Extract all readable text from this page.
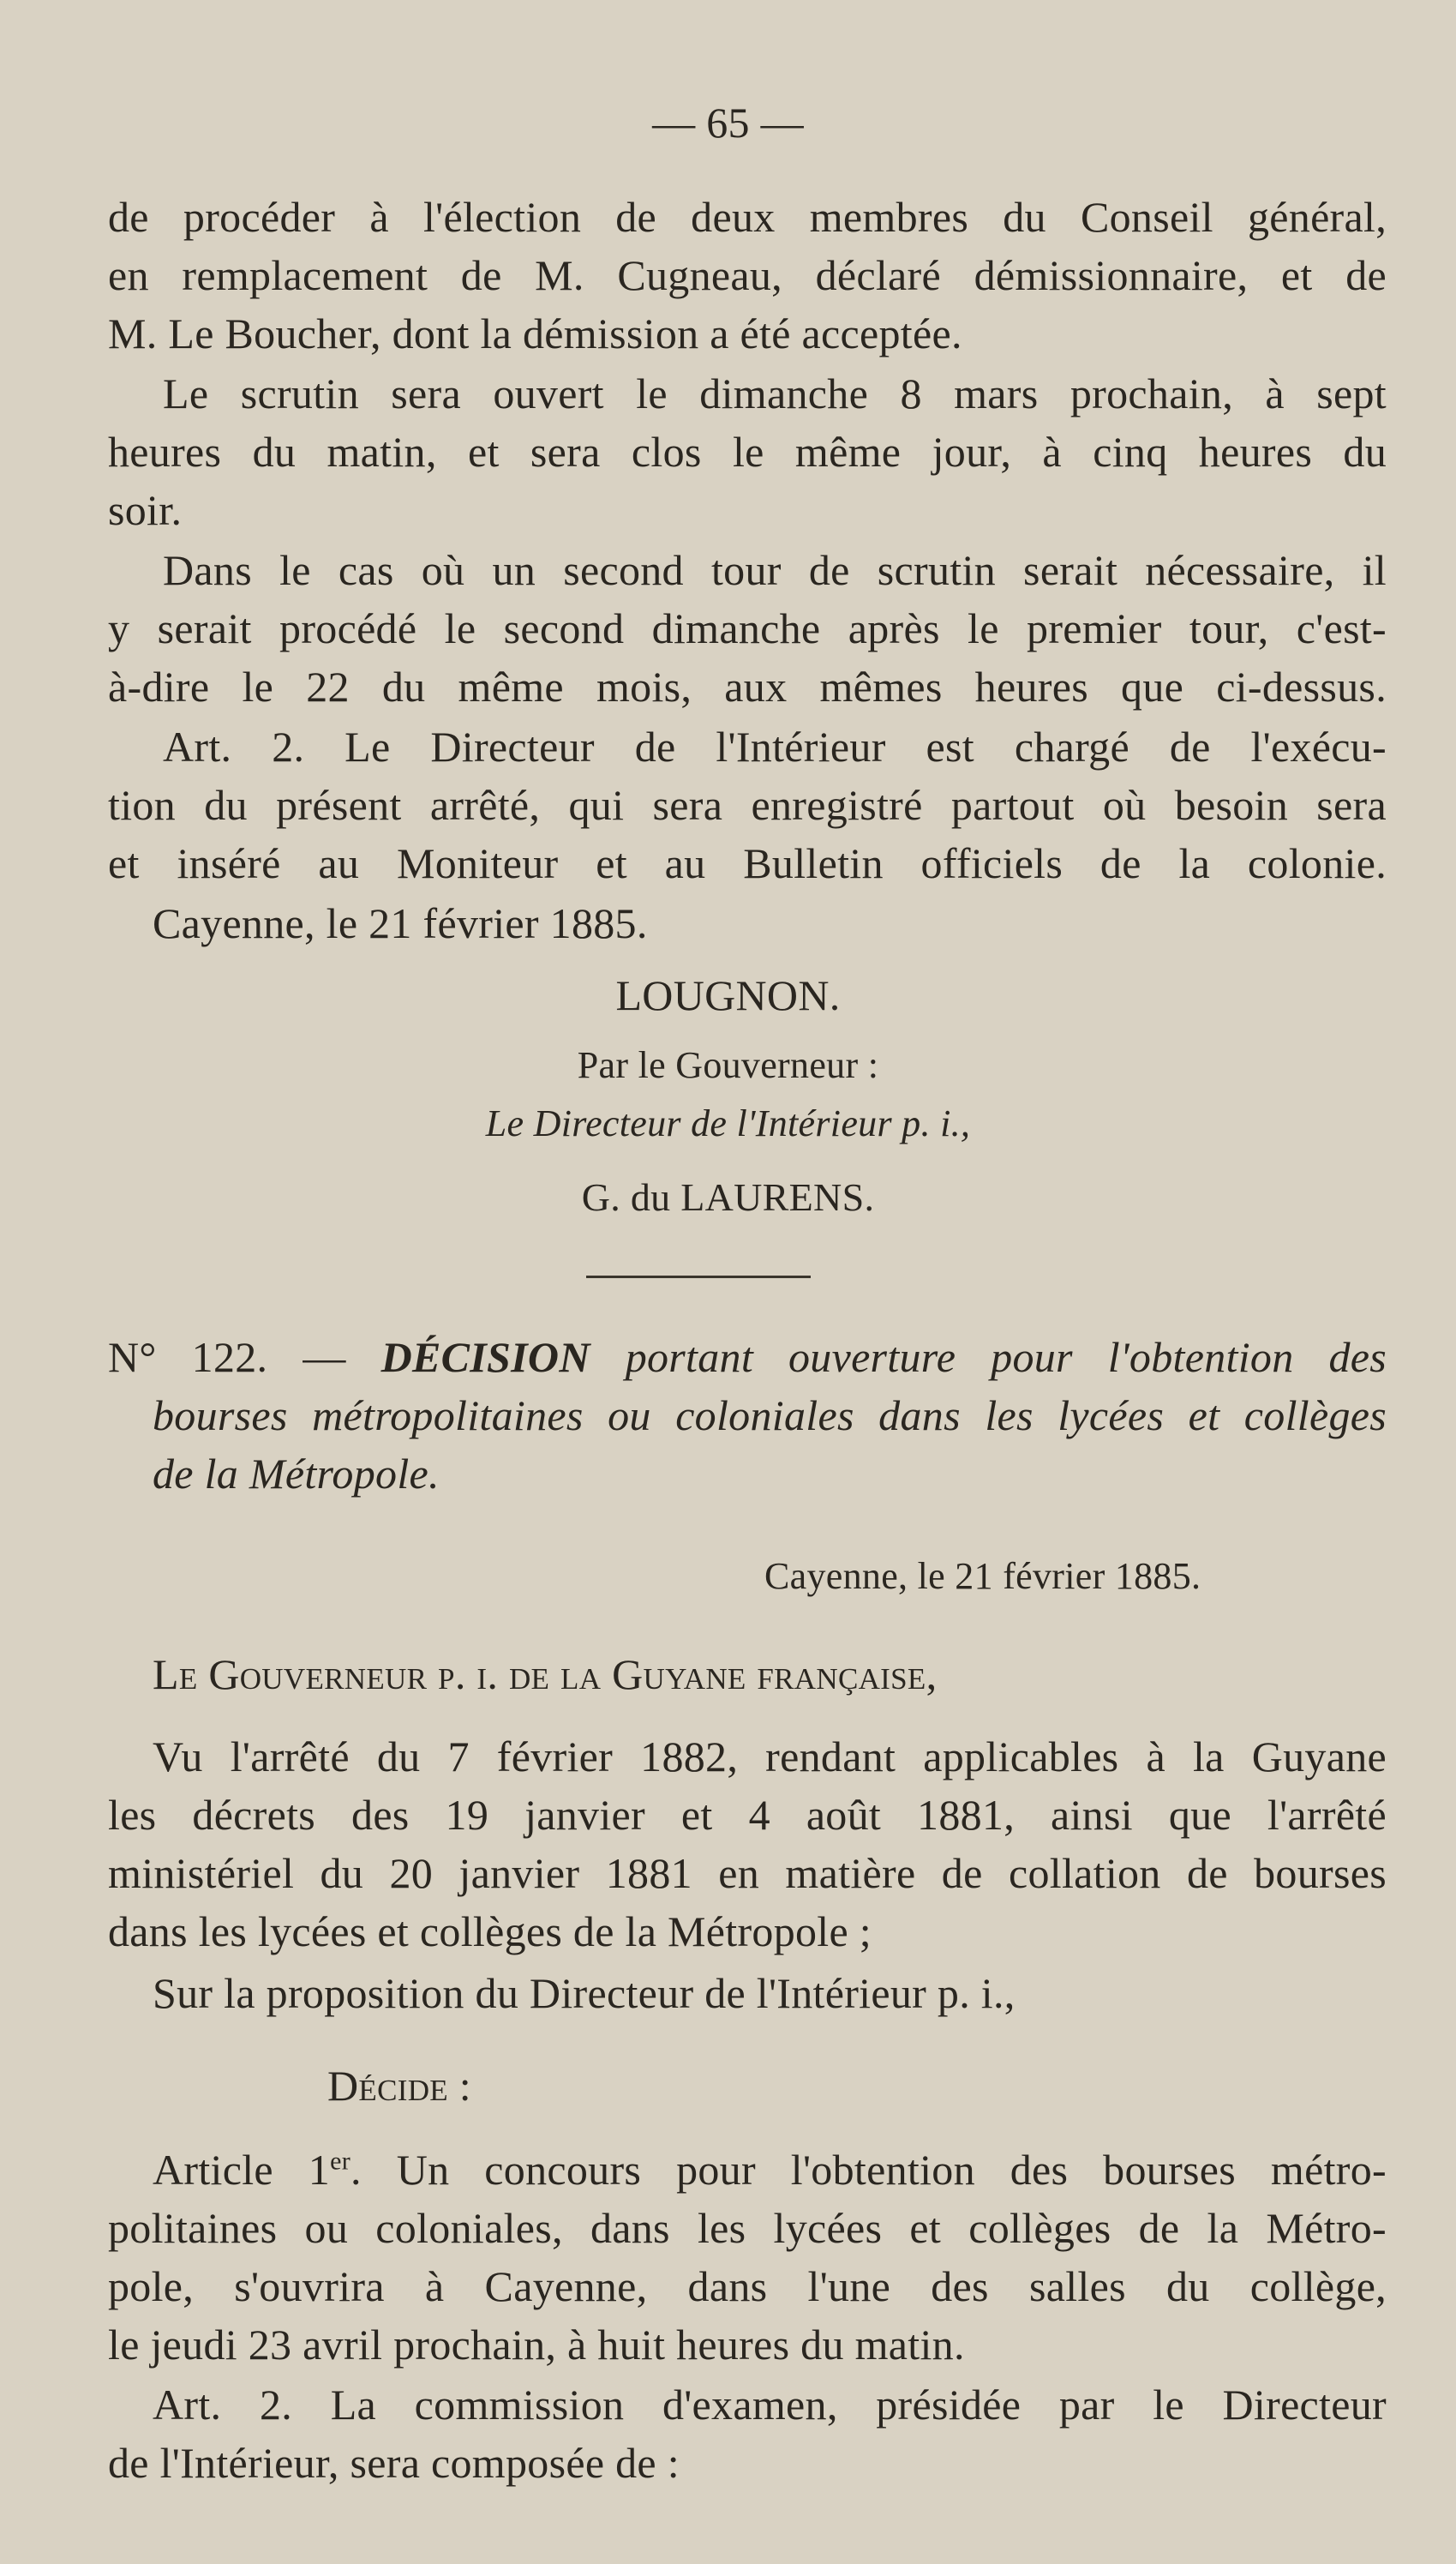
— 65 —
de procéder à l'élection de deux membres du Conseil général,
en remplacement de M. Cugneau, déclaré démissionnaire, et de
M. Le Boucher, dont la démission a été acceptée.
Le scrutin sera ouvert le dimanche 8 mars prochain, à sept
heures du matin, et sera clos le même jour, à cinq heures du
soir.
Dans le cas où un second tour de scrutin serait nécessaire, il
y serait procédé le second dimanche après le premier tour, c'est-
à-dire le 22 du même mois, aux mêmes heures que ci-dessus.
Art. 2. Le Directeur de l'Intérieur est chargé de l'exécu-
tion du présent arrêté, qui sera enregistré partout où besoin sera
et inséré au Moniteur et au Bulletin officiels de la colonie.
Cayenne, le 21 février 1885.
LOUGNON.
Par le Gouverneur :
Le Directeur de l'Intérieur p. i.,
G. du LAURENS.
N° 122. — DÉCISION portant ouverture pour l'obtention des
bourses métropolitaines ou coloniales dans les lycées et collèges
de la Métropole.
Cayenne, le 21 février 1885.
Le Gouverneur p. i. de la Guyane française,
Vu l'arrêté du 7 février 1882, rendant applicables à la Guyane
les décrets des 19 janvier et 4 août 1881, ainsi que l'arrêté
ministériel du 20 janvier 1881 en matière de collation de bourses
dans les lycées et collèges de la Métropole ;
Sur la proposition du Directeur de l'Intérieur p. i.,
Décide :
Article 1er. Un concours pour l'obtention des bourses métro-
politaines ou coloniales, dans les lycées et collèges de la Métro-
pole, s'ouvrira à Cayenne, dans l'une des salles du collège,
le jeudi 23 avril prochain, à huit heures du matin.
Art. 2. La commission d'examen, présidée par le Directeur
de l'Intérieur, sera composée de :
